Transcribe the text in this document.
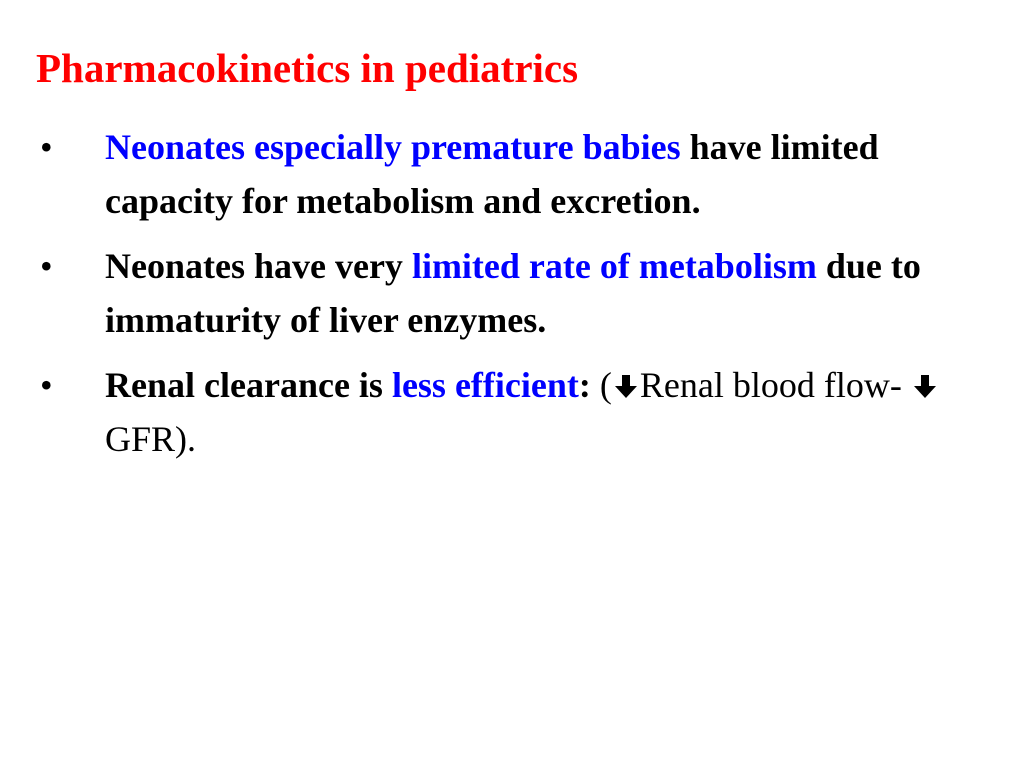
Pharmacokinetics in pediatrics
• Neonates especially premature babies have limited capacity for metabolism and excretion.
• Neonates have very limited rate of metabolism due to immaturity of liver enzymes.
• Renal clearance is less efficient: ( Renal blood flow-
GFR).
